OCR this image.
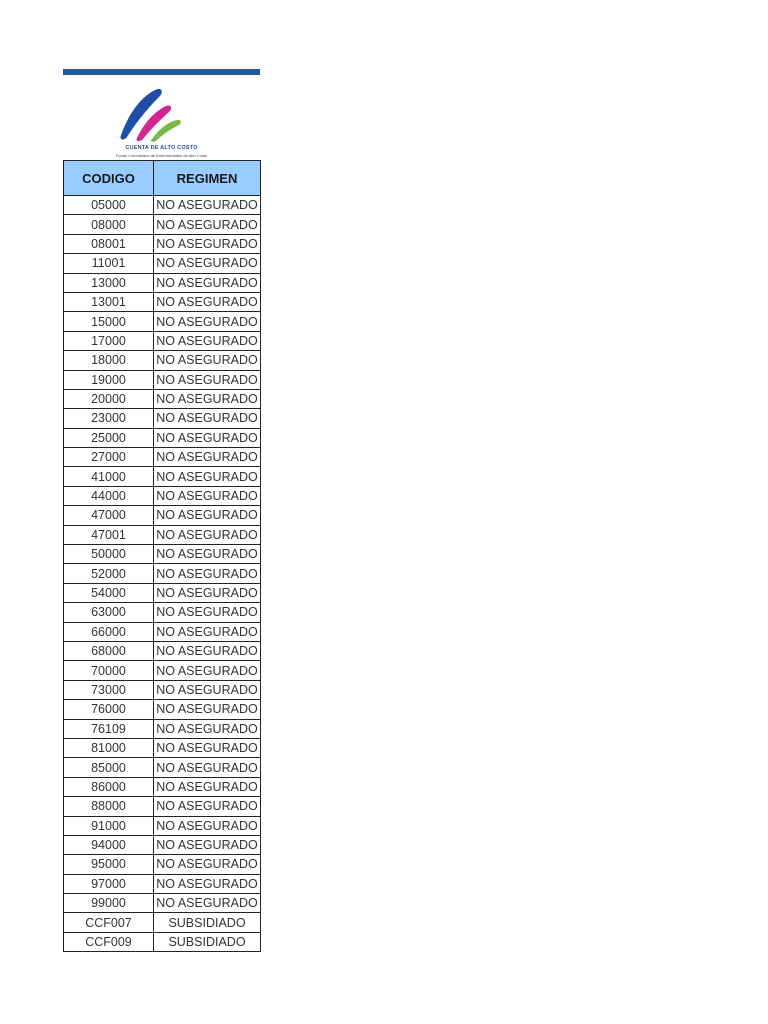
CUENTA DE ALTO COSTO
Fondo Colombiano de Enfermedades de Alto Costo
CODIGO	REGIMEN
05000	NO ASEGURADO
08000	NO ASEGURADO
08001	NO ASEGURADO
11001	NO ASEGURADO
13000	NO ASEGURADO
13001	NO ASEGURADO
15000	NO ASEGURADO
17000	NO ASEGURADO
18000	NO ASEGURADO
19000	NO ASEGURADO
20000	NO ASEGURADO
23000	NO ASEGURADO
25000	NO ASEGURADO
27000	NO ASEGURADO
41000	NO ASEGURADO
44000	NO ASEGURADO
47000	NO ASEGURADO
47001	NO ASEGURADO
50000	NO ASEGURADO
52000	NO ASEGURADO
54000	NO ASEGURADO
63000	NO ASEGURADO
66000	NO ASEGURADO
68000	NO ASEGURADO
70000	NO ASEGURADO
73000	NO ASEGURADO
76000	NO ASEGURADO
76109	NO ASEGURADO
81000	NO ASEGURADO
85000	NO ASEGURADO
86000	NO ASEGURADO
88000	NO ASEGURADO
91000	NO ASEGURADO
94000	NO ASEGURADO
95000	NO ASEGURADO
97000	NO ASEGURADO
99000	NO ASEGURADO
CCF007	SUBSIDIADO
CCF009	SUBSIDIADO
